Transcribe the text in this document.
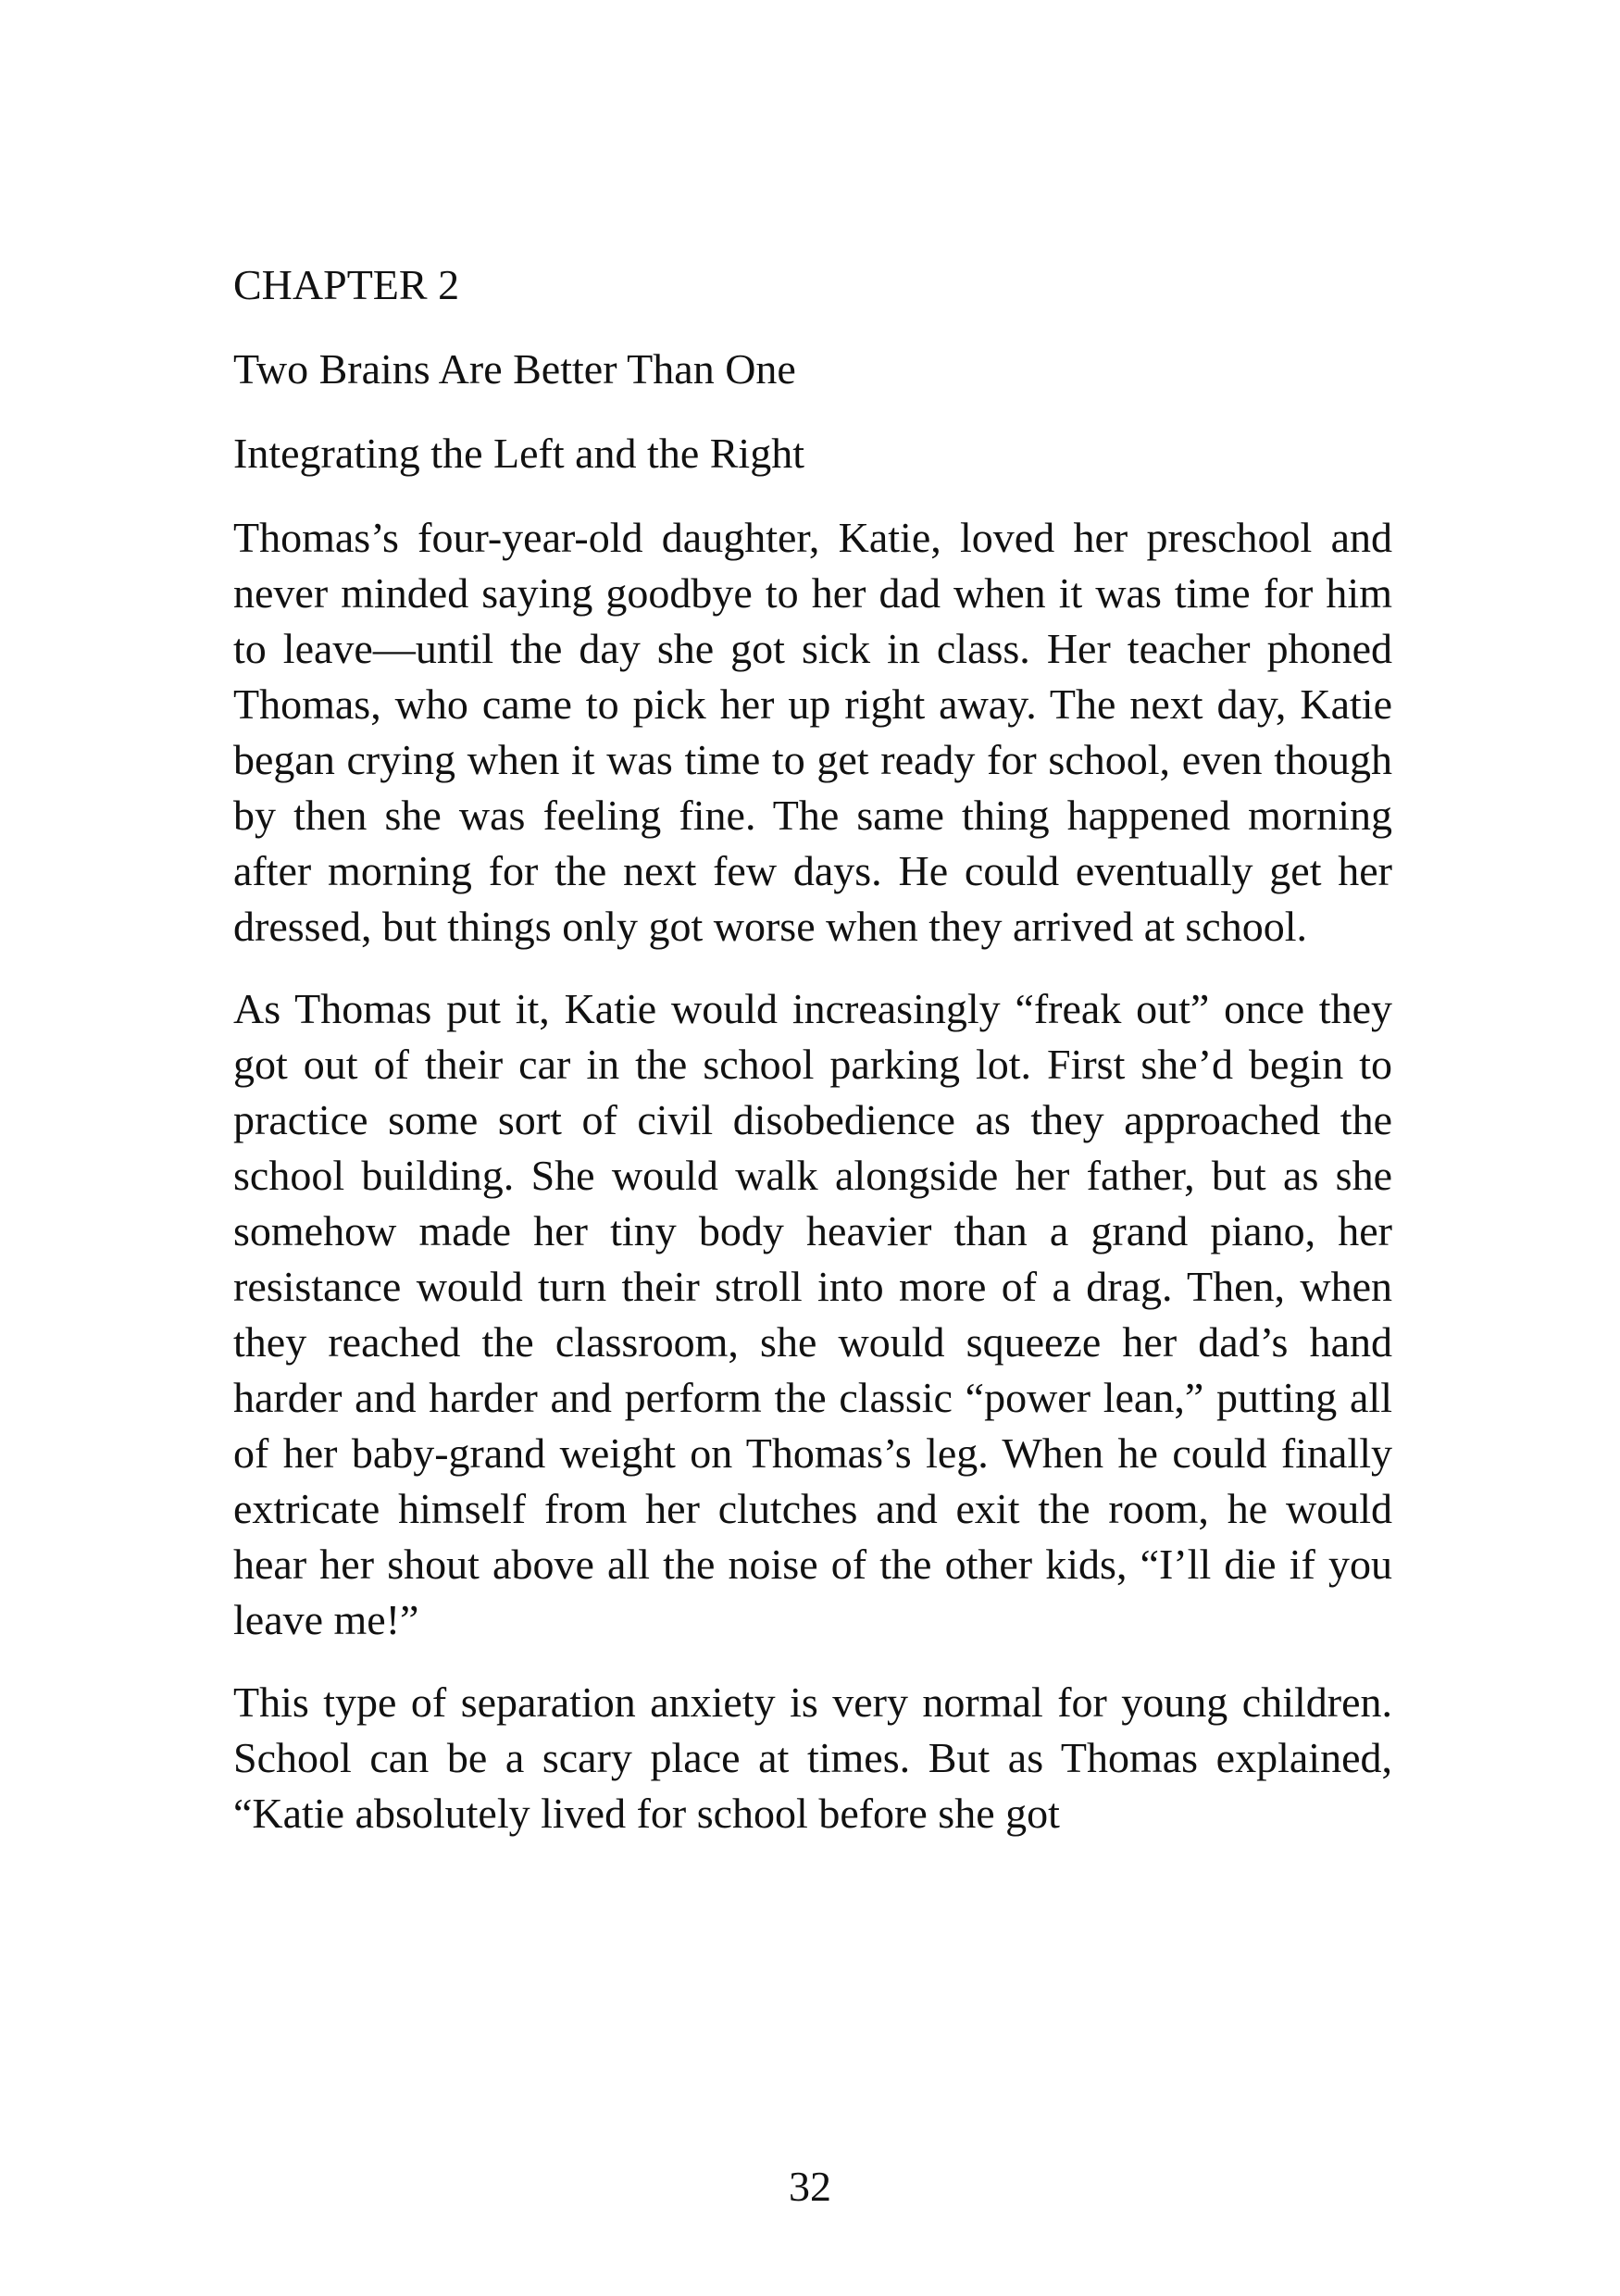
CHAPTER 2
Two Brains Are Better Than One
Integrating the Left and the Right

Thomas’s four-year-old daughter, Katie, loved her preschool and never minded saying goodbye to her dad when it was time for him to leave—until the day she got sick in class. Her teacher phoned Thomas, who came to pick her up right away. The next day, Katie began crying when it was time to get ready for school, even though by then she was feeling fine. The same thing happened morning after morning for the next few days. He could eventually get her dressed, but things only got worse when they arrived at school.

As Thomas put it, Katie would increasingly “freak out” once they got out of their car in the school parking lot. First she’d begin to practice some sort of civil disobedience as they approached the school building. She would walk alongside her father, but as she somehow made her tiny body heavier than a grand piano, her resistance would turn their stroll into more of a drag. Then, when they reached the classroom, she would squeeze her dad’s hand harder and harder and perform the classic “power lean,” putting all of her baby-grand weight on Thomas’s leg. When he could finally extricate himself from her clutches and exit the room, he would hear her shout above all the noise of the other kids, “I’ll die if you leave me!”

This type of separation anxiety is very normal for young children. School can be a scary place at times. But as Thomas explained, “Katie absolutely lived for school before she got

32
